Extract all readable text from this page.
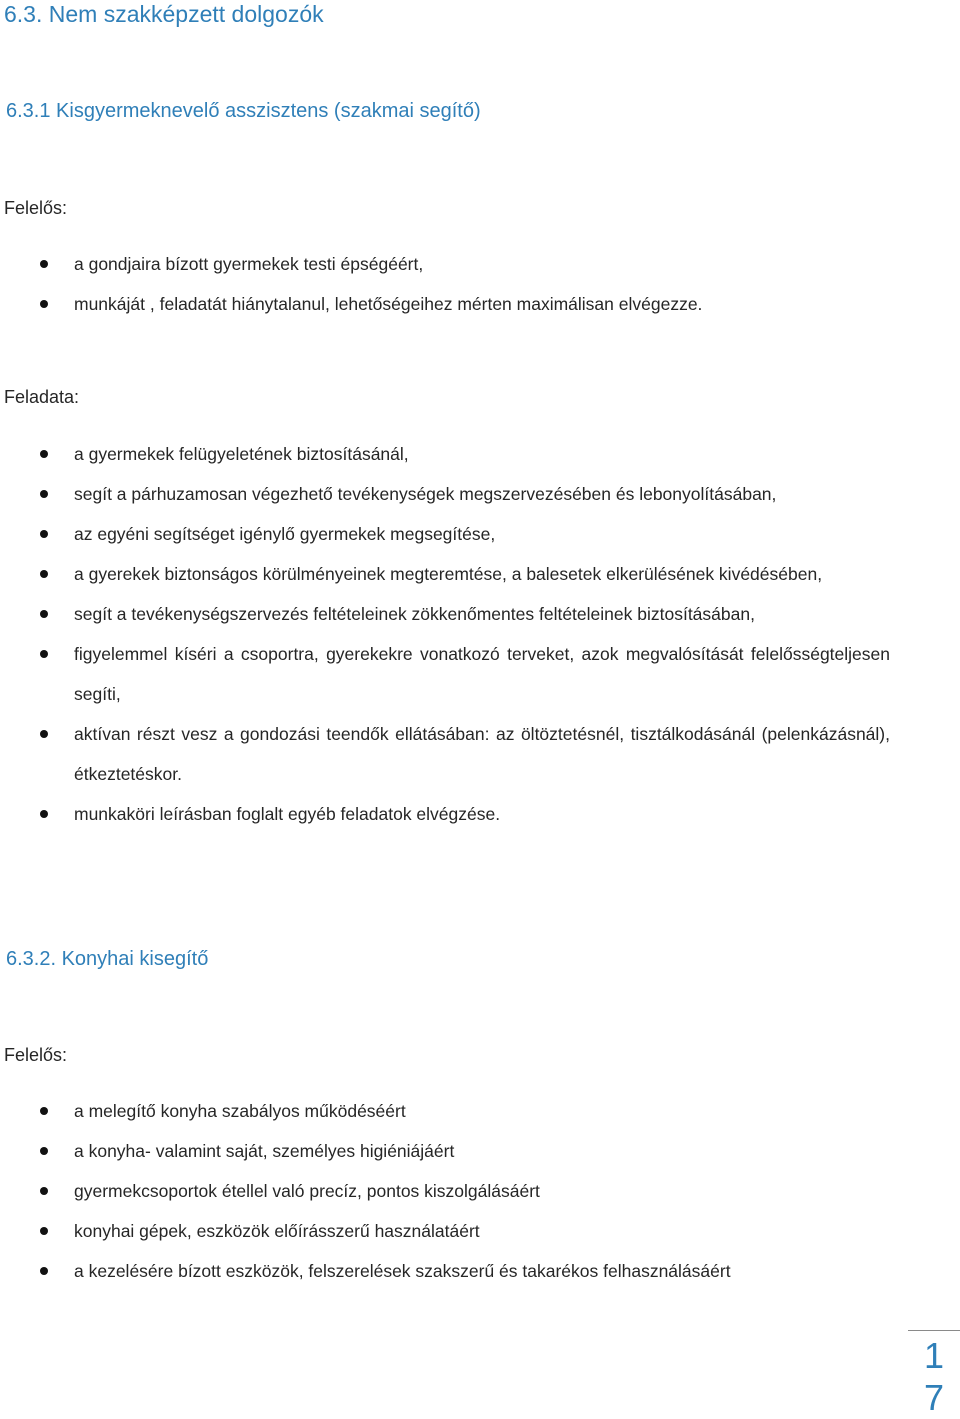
6.3. Nem szakképzett dolgozók
6.3.1 Kisgyermeknevelő asszisztens (szakmai segítő)
Felelős:
a gondjaira bízott gyermekek testi épségéért,
munkáját , feladatát hiánytalanul, lehetőségeihez mérten maximálisan elvégezze.
Feladata:
a gyermekek felügyeletének biztosításánál,
segít a párhuzamosan végezhető tevékenységek megszervezésében és lebonyolításában,
az egyéni segítséget igénylő gyermekek megsegítése,
a gyerekek biztonságos körülményeinek megteremtése, a balesetek elkerülésének kivédésében,
segít a tevékenységszervezés feltételeinek zökkenőmentes feltételeinek biztosításában,
figyelemmel kíséri a csoportra, gyerekekre vonatkozó terveket, azok megvalósítását felelősségteljesen segíti,
aktívan részt vesz a gondozási teendők ellátásában: az öltöztetésnél, tisztálkodásánál (pelenkázásnál), étkeztetéskor.
munkaköri leírásban foglalt egyéb feladatok elvégzése.
6.3.2. Konyhai kisegítő
Felelős:
a melegítő konyha szabályos működéséért
a konyha- valamint saját, személyes higiéniájáért
gyermekcsoportok étellel való precíz, pontos kiszolgálásáért
konyhai gépek, eszközök előírásszerű használatáért
a kezelésére bízott eszközök, felszerelések szakszerű és takarékos felhasználásáért
1
7
